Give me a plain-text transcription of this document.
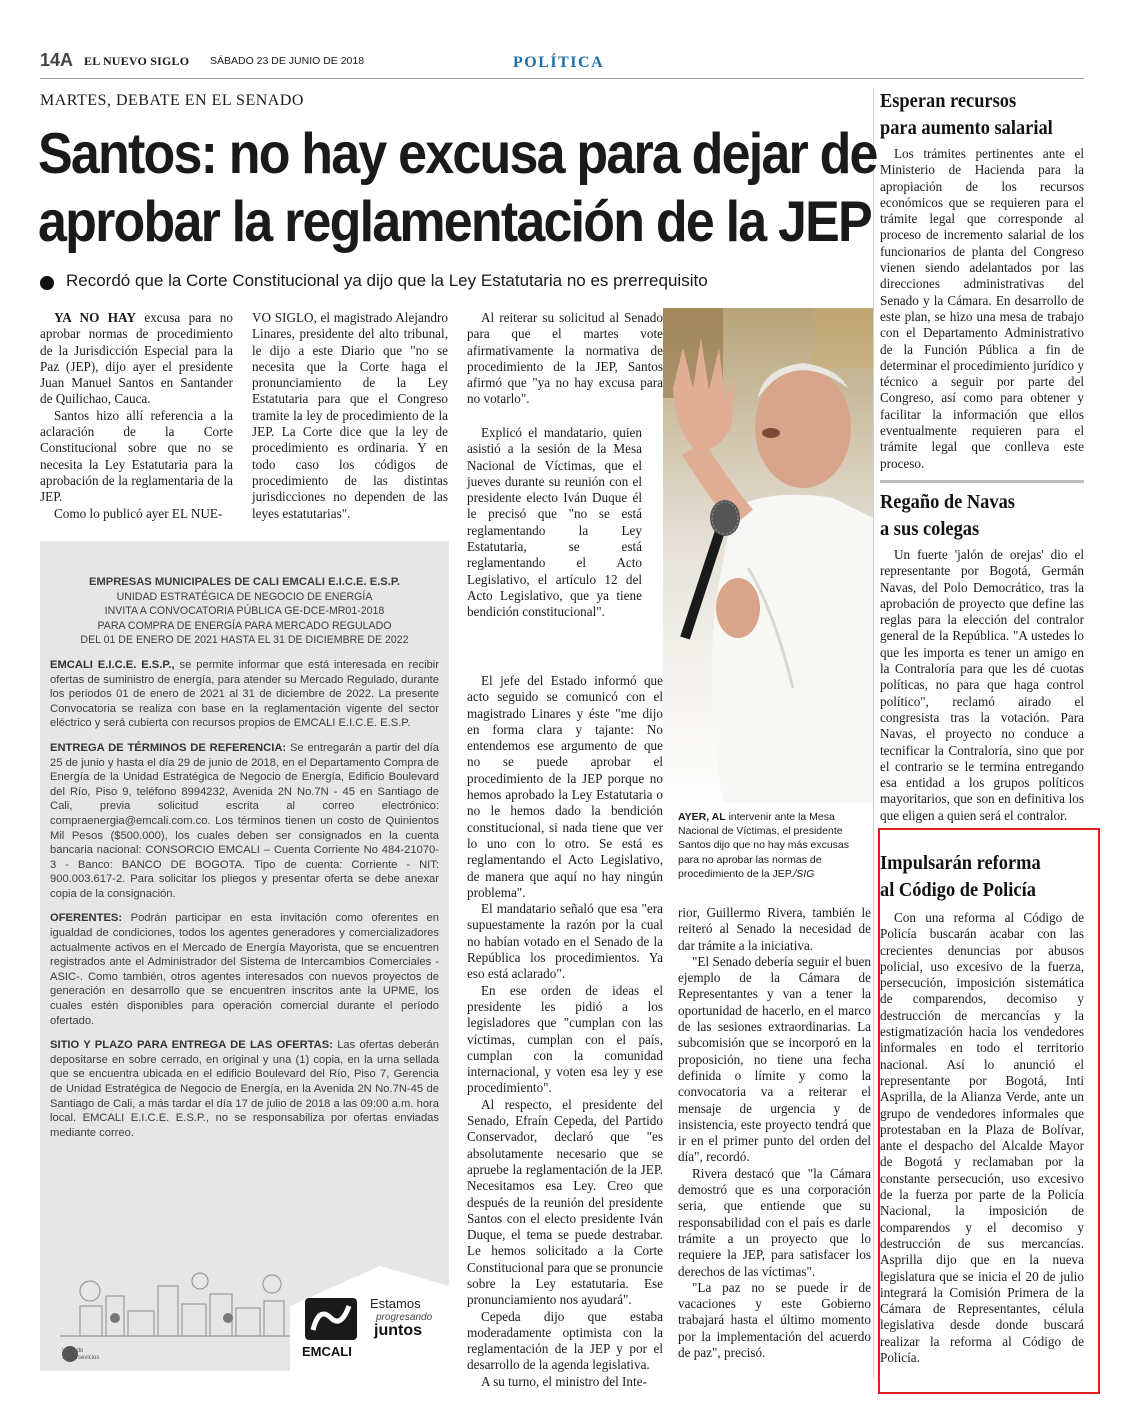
14A EL NUEVO SIGLO SÁBADO 23 DE JUNIO DE 2018	POLÍTICA
MARTES, DEBATE EN EL SENADO
Santos: no hay excusa para dejar de
aprobar la reglamentación de la JEP
Recordó que la Corte Constitucional ya dijo que la Ley Estatutaria no es prerrequisito

YA NO HAY excusa para no aprobar normas de procedimiento de la Jurisdicción Especial para la Paz (JEP), dijo ayer el presidente Juan Manuel Santos en Santander de Quilichao, Cauca.

Santos hizo allí referencia a la aclaración de la Corte Constitucional sobre que no se necesita la Ley Estatutaria para la aprobación de la reglamentaria de la JEP.

Como lo publicó ayer EL NUE-

VO SIGLO, el magistrado Alejandro Linares, presidente del alto tribunal, le dijo a este Diario que "no se necesita que la Corte haga el pronunciamiento de la Ley Estatutaria para que el Congreso tramite la ley de procedimiento de la JEP. La Corte dice que la ley de procedimiento es ordinaria. Y en todo caso los códigos de procedimiento de las distintas jurisdicciones no dependen de las leyes estatutarias".

Al reiterar su solicitud al Senado para que el martes vote afirmativamente la normativa de procedimiento de la JEP, Santos afirmó que "ya no hay excusa para no votarlo".

Explicó el mandatario, quien asistió a la sesión de la Mesa Nacional de Víctimas, que el jueves durante su reunión con el presidente electo Iván Duque él le precisó que "no se está reglamentando la Ley Estatutaria, se está reglamentando el Acto Legislativo, el artículo 12 del Acto Legislativo, que ya tiene bendición constitucional".

El jefe del Estado informó que acto seguido se comunicó con el magistrado Linares y éste "me dijo en forma clara y tajante: No entendemos ese argumento de que no se puede aprobar el procedimiento de la JEP porque no hemos aprobado la Ley Estatutaria o no le hemos dado la bendición constitucional, si nada tiene que ver lo uno con lo otro. Se está es reglamentando el Acto Legislativo, de manera que aquí no hay ningún problema".

El mandatario señaló que esa "era supuestamente la razón por la cual no habían votado en el Senado de la República los procedimientos. Ya eso está aclarado".

En ese orden de ideas el presidente les pidió a los legisladores que "cumplan con las víctimas, cumplan con el país, cumplan con la comunidad internacional, y voten esa ley y ese procedimiento".

Al respecto, el presidente del Senado, Efraín Cepeda, del Partido Conservador, declaró que "es absolutamente necesario que se apruebe la reglamentación de la JEP. Necesitamos esa Ley. Creo que después de la reunión del presidente Santos con el electo presidente Iván Duque, el tema se puede destrabar. Le hemos solicitado a la Corte Constitucional para que se pronuncie sobre la Ley estatutaria. Ese pronunciamiento nos ayudará".

Cepeda dijo que estaba moderadamente optimista con la reglamentación de la JEP y por el desarrollo de la agenda legislativa.

A su turno, el ministro del Inte-

AYER, AL intervenir ante la Mesa Nacional de Víctimas, el presidente Santos dijo que no hay más excusas para no aprobar las normas de procedimiento de la JEP./SIG

rior, Guillermo Rivera, también le reiteró al Senado la necesidad de dar trámite a la iniciativa.

"El Senado debería seguir el buen ejemplo de la Cámara de Representantes y van a tener la oportunidad de hacerlo, en el marco de las sesiones extraordinarias. La subcomisión que se incorporó en la proposición, no tiene una fecha definida o límite y como la convocatoria va a reiterar el mensaje de urgencia y de insistencia, este proyecto tendrá que ir en el primer punto del orden del día", recordó.

Rivera destacó que "la Cámara demostró que es una corporación seria, que entiende que su responsabilidad con el país es darle trámite a un proyecto que lo requiere la JEP, para satisfacer los derechos de las víctimas".

"La paz no se puede ir de vacaciones y este Gobierno trabajará hasta el último momento por la implementación del acuerdo de paz", precisó.

EMPRESAS MUNICIPALES DE CALI EMCALI E.I.C.E. E.S.P.
UNIDAD ESTRATÉGICA DE NEGOCIO DE ENERGÍA
INVITA A CONVOCATORIA PÚBLICA GE-DCE-MR01-2018
PARA COMPRA DE ENERGÍA PARA MERCADO REGULADO
DEL 01 DE ENERO DE 2021 HASTA EL 31 DE DICIEMBRE DE 2022

EMCALI E.I.C.E. E.S.P., se permite informar que está interesada en recibir ofertas de suministro de energía, para atender su Mercado Regulado, durante los periodos 01 de enero de 2021 al 31 de diciembre de 2022. La presente Convocatoria se realiza con base en la reglamentación vigente del sector eléctrico y será cubierta con recursos propios de EMCALI E.I.C.E. E.S.P.

ENTREGA DE TÉRMINOS DE REFERENCIA: Se entregarán a partir del día 25 de junio y hasta el día 29 de junio de 2018, en el Departamento Compra de Energía de la Unidad Estratégica de Negocio de Energía, Edificio Boulevard del Río, Piso 9, teléfono 8994232, Avenida 2N No.7N - 45 en Santiago de Cali, previa solicitud escrita al correo electrónico: compraenergia@emcali.com.co. Los términos tienen un costo de Quinientos Mil Pesos ($500.000), los cuales deben ser consignados en la cuenta bancaria nacional: CONSORCIO EMCALI – Cuenta Corriente No 484-21070-3 - Banco: BANCO DE BOGOTA. Tipo de cuenta: Corriente - NIT: 900.003.617-2. Para solicitar los pliegos y presentar oferta se debe anexar copia de la consignación.

OFERENTES: Podrán participar en esta invitación como oferentes en igualdad de condiciones, todos los agentes generadores y comercializadores actualmente activos en el Mercado de Energía Mayorista, que se encuentren registrados ante el Administrador del Sistema de Intercambios Comerciales -ASIC-. Como también, otros agentes interesados con nuevos proyectos de generación en desarrollo que se encuentren inscritos ante la UPME, los cuales estén disponibles para operación comercial durante el período ofertado.

SITIO Y PLAZO PARA ENTREGA DE LAS OFERTAS: Las ofertas deberán depositarse en sobre cerrado, en original y una (1) copia, en la urna sellada que se encuentra ubicada en el edificio Boulevard del Río, Piso 7, Gerencia de Unidad Estratégica de Negocio de Energía, en la Avenida 2N No.7N-45 de Santiago de Cali, a más tardar el día 17 de julio de 2018 a las 09:00 a.m. hora local. EMCALI E.I.C.E. E.S.P., no se responsabiliza por ofertas enviadas mediante correo.

Vigilado Supersevicios	EMCALI
Estamos
progresando
juntos
Esperan recursos
para aumento salarial

Los trámites pertinentes ante el Ministerio de Hacienda para la apropiación de los recursos económicos que se requieren para el trámite legal que corresponde al proceso de incremento salarial de los funcionarios de planta del Congreso vienen siendo adelantados por las direcciones administrativas del Senado y la Cámara. En desarrollo de este plan, se hizo una mesa de trabajo con el Departamento Administrativo de la Función Pública a fin de determinar el procedimiento jurídico y técnico a seguir por parte del Congreso, así como para obtener y facilitar la información que ellos eventualmente requieren para el trámite legal que conlleva este proceso.

Regaño de Navas
a sus colegas

Un fuerte 'jalón de orejas' dio el representante por Bogotá, Germán Navas, del Polo Democrático, tras la aprobación de proyecto que define las reglas para la elección del contralor general de la República. "A ustedes lo que les importa es tener un amigo en la Contraloría para que les dé cuotas políticas, no para que haga control político", reclamó airado el congresista tras la votación. Para Navas, el proyecto no conduce a tecnificar la Contraloría, sino que por el contrario se le termina entregando esa entidad a los grupos políticos mayoritarios, que son en definitiva los que eligen a quien será el contralor.

Impulsarán reforma
al Código de Policía

Con una reforma al Código de Policía buscarán acabar con las crecientes denuncias por abusos policial, uso excesivo de la fuerza, persecución, imposición sistemática de comparendos, decomiso y destrucción de mercancías y la estigmatización hacia los vendedores informales en todo el territorio nacional. Así lo anunció el representante por Bogotá, Inti Asprilla, de la Alianza Verde, ante un grupo de vendedores informales que protestaban en la Plaza de Bolívar, ante el despacho del Alcalde Mayor de Bogotá y reclamaban por la constante persecución, uso excesivo de la fuerza por parte de la Policía Nacional, la imposición de comparendos y el decomiso y destrucción de sus mercancías. Asprilla dijo que en la nueva legislatura que se inicia el 20 de julio integrará la Comisión Primera de la Cámara de Representantes, célula legislativa desde donde buscará realizar la reforma al Código de Policía.
